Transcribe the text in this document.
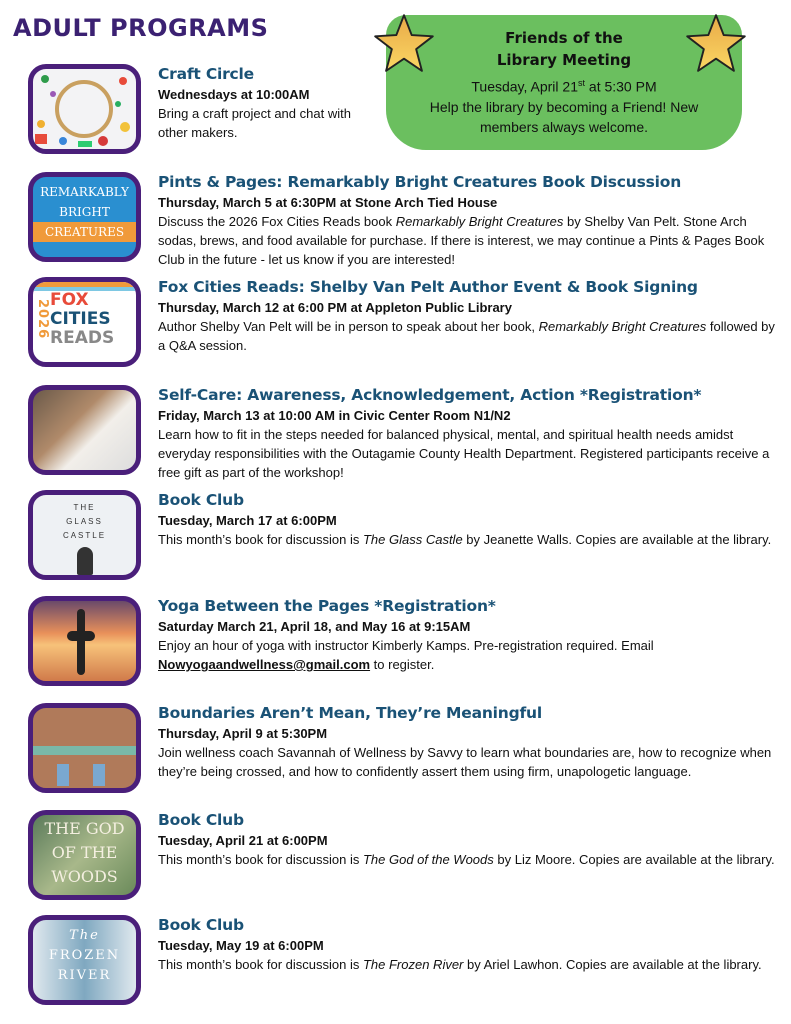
ADULT PROGRAMS	Friends of the
Library Meeting
Tuesday, April 21st at 5:30 PM
Help the library by becoming a Friend! New
members always welcome.
Craft Circle
Wednesdays at 10:00AM
Bring a craft project and chat with other makers.
REMARKABLY
BRIGHT
CREATURES
Pints & Pages: Remarkably Bright Creatures Book Discussion
Thursday, March 5 at 6:30PM at Stone Arch Tied House
Discuss the 2026 Fox Cities Reads book Remarkably Bright Creatures by Shelby Van Pelt. Stone Arch sodas, brews, and food available for purchase. If there is interest, we may continue a Pints & Pages Book Club in the future - let us know if you are interested!
2026 FOX
CITIES
READS
Fox Cities Reads: Shelby Van Pelt Author Event & Book Signing
Thursday, March 12 at 6:00 PM at Appleton Public Library
Author Shelby Van Pelt will be in person to speak about her book, Remarkably Bright Creatures followed by a Q&A session.
Self-Care: Awareness, Acknowledgement, Action *Registration*
Friday, March 13 at 10:00 AM in Civic Center Room N1/N2
Learn how to fit in the steps needed for balanced physical, mental, and spiritual health needs amidst everyday responsibilities with the Outagamie County Health Department. Registered participants receive a free gift as part of the workshop!
THE
GLASS
CASTLE
Book Club
Tuesday, March 17 at 6:00PM
This month’s book for discussion is The Glass Castle by Jeanette Walls. Copies are available at the library.
Yoga Between the Pages *Registration*
Saturday March 21, April 18, and May 16 at 9:15AM
Enjoy an hour of yoga with instructor Kimberly Kamps. Pre-registration required. Email Nowyogaandwellness@gmail.com to register.
Boundaries Aren’t Mean, They’re Meaningful
Thursday, April 9 at 5:30PM
Join wellness coach Savannah of Wellness by Savvy to learn what boundaries are, how to recognize when they’re being crossed, and how to confidently assert them using firm, unapologetic language.
THE GOD
OF THE
WOODS
Book Club
Tuesday, April 21 at 6:00PM
This month’s book for discussion is The God of the Woods by Liz Moore. Copies are available at the library.
The
FROZEN
RIVER
Book Club
Tuesday, May 19 at 6:00PM
This month’s book for discussion is The Frozen River by Ariel Lawhon. Copies are available at the library.
